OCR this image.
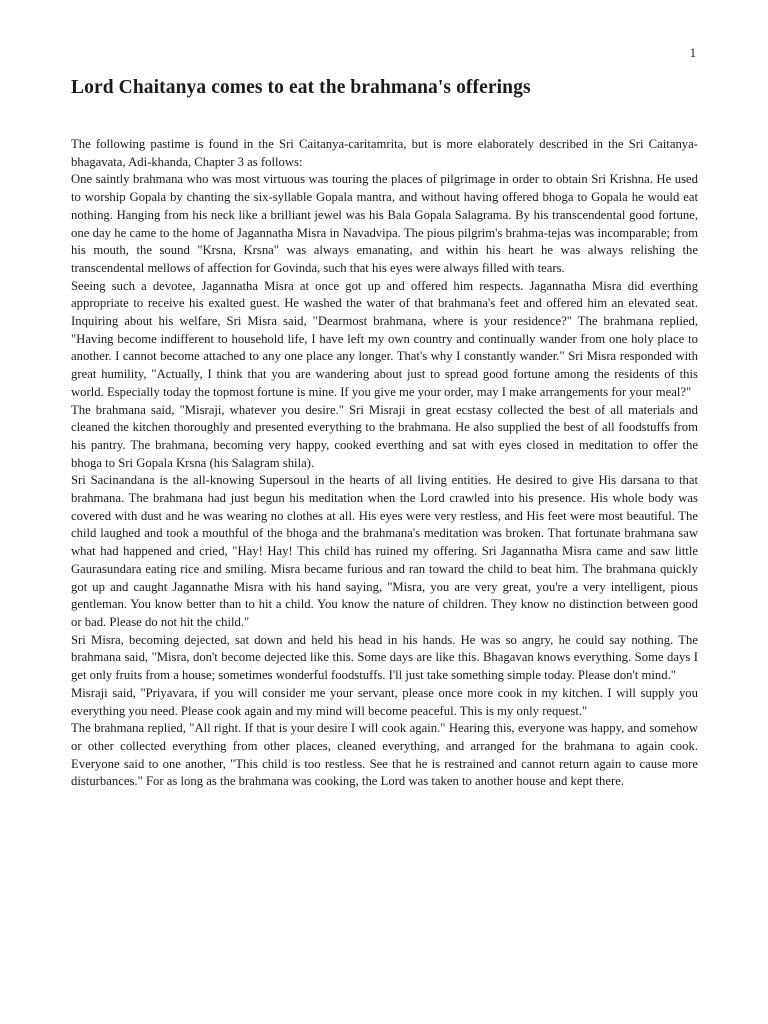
1
Lord Chaitanya comes to eat the brahmana's offerings

The following pastime is found in the Sri Caitanya-caritamrita, but is more elaborately described in the Sri Caitanya-bhagavata, Adi-khanda, Chapter 3 as follows:

One saintly brahmana who was most virtuous was touring the places of pilgrimage in order to obtain Sri Krishna. He used to worship Gopala by chanting the six-syllable Gopala mantra, and without having offered bhoga to Gopala he would eat nothing. Hanging from his neck like a brilliant jewel was his Bala Gopala Salagrama. By his transcendental good fortune, one day he came to the home of Jagannatha Misra in Navadvipa. The pious pilgrim's brahma-tejas was incomparable; from his mouth, the sound "Krsna, Krsna" was always emanating, and within his heart he was always relishing the transcendental mellows of affection for Govinda, such that his eyes were always filled with tears.

Seeing such a devotee, Jagannatha Misra at once got up and offered him respects. Jagannatha Misra did everthing appropriate to receive his exalted guest. He washed the water of that brahmana's feet and offered him an elevated seat. Inquiring about his welfare, Sri Misra said, "Dearmost brahmana, where is your residence?" The brahmana replied, "Having become indifferent to household life, I have left my own country and continually wander from one holy place to another. I cannot become attached to any one place any longer. That's why I constantly wander." Sri Misra responded with great humility, "Actually, I think that you are wandering about just to spread good fortune among the residents of this world. Especially today the topmost fortune is mine. If you give me your order, may I make arrangements for your meal?"

The brahmana said, "Misraji, whatever you desire." Sri Misraji in great ecstasy collected the best of all materials and cleaned the kitchen thoroughly and presented everything to the brahmana. He also supplied the best of all foodstuffs from his pantry. The brahmana, becoming very happy, cooked everthing and sat with eyes closed in meditation to offer the bhoga to Sri Gopala Krsna (his Salagram shila).

Sri Sacinandana is the all-knowing Supersoul in the hearts of all living entities. He desired to give His darsana to that brahmana. The brahmana had just begun his meditation when the Lord crawled into his presence. His whole body was covered with dust and he was wearing no clothes at all. His eyes were very restless, and His feet were most beautiful. The child laughed and took a mouthful of the bhoga and the brahmana's meditation was broken. That fortunate brahmana saw what had happened and cried, "Hay! Hay! This child has ruined my offering. Sri Jagannatha Misra came and saw little Gaurasundara eating rice and smiling. Misra became furious and ran toward the child to beat him. The brahmana quickly got up and caught Jagannathe Misra with his hand saying, "Misra, you are very great, you're a very intelligent, pious gentleman. You know better than to hit a child. You know the nature of children. They know no distinction between good or bad. Please do not hit the child."

Sri Misra, becoming dejected, sat down and held his head in his hands. He was so angry, he could say nothing. The brahmana said, "Misra, don't become dejected like this. Some days are like this. Bhagavan knows everything. Some days I get only fruits from a house; sometimes wonderful foodstuffs. I'll just take something simple today. Please don't mind."

Misraji said, "Priyavara, if you will consider me your servant, please once more cook in my kitchen. I will supply you everything you need. Please cook again and my mind will become peaceful. This is my only request."

The brahmana replied, "All right. If that is your desire I will cook again." Hearing this, everyone was happy, and somehow or other collected everything from other places, cleaned everything, and arranged for the brahmana to again cook. Everyone said to one another, "This child is too restless. See that he is restrained and cannot return again to cause more disturbances." For as long as the brahmana was cooking, the Lord was taken to another house and kept there.
